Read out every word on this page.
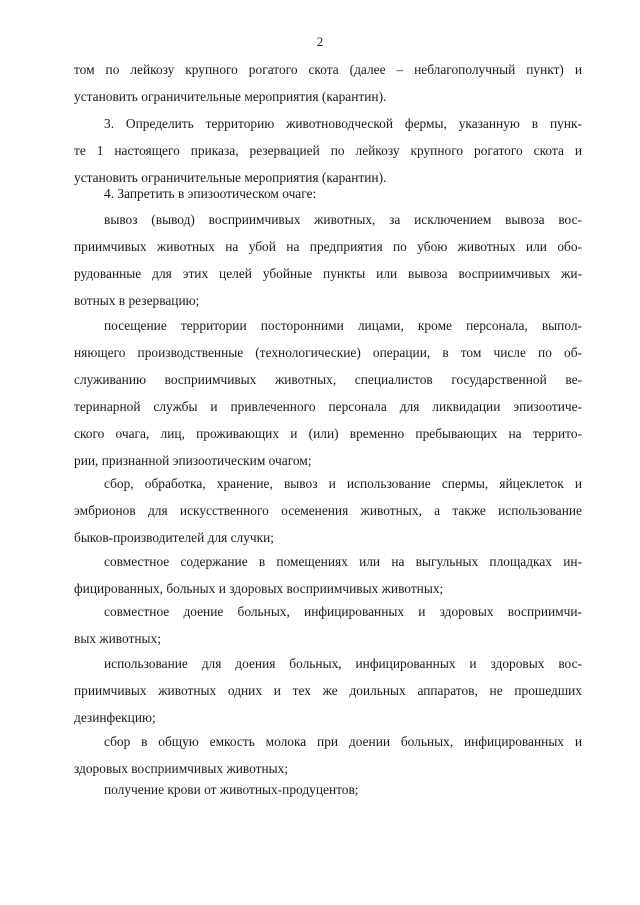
2
том по лейкозу крупного рогатого скота (далее – неблагополучный пункт) и
установить ограничительные мероприятия (карантин).
3. Определить территорию животноводческой фермы, указанную в пунк-
те 1 настоящего приказа, резервацией по лейкозу крупного рогатого скота и
установить ограничительные мероприятия (карантин).
4. Запретить в эпизоотическом очаге:
вывоз (вывод) восприимчивых животных, за исключением вывоза вос-
приимчивых животных на убой на предприятия по убою животных или обо-
рудованные для этих целей убойные пункты или вывоза восприимчивых жи-
вотных в резервацию;
посещение территории посторонними лицами, кроме персонала, выпол-
няющего производственные (технологические) операции, в том числе по об-
служиванию восприимчивых животных, специалистов государственной ве-
теринарной службы и привлеченного персонала для ликвидации эпизоотиче-
ского очага, лиц, проживающих и (или) временно пребывающих на террито-
рии, признанной эпизоотическим очагом;
сбор, обработка, хранение, вывоз и использование спермы, яйцеклеток и
эмбрионов для искусственного осеменения животных, а также использование
быков-производителей для случки;
совместное содержание в помещениях или на выгульных площадках ин-
фицированных, больных и здоровых восприимчивых животных;
совместное доение больных, инфицированных и здоровых восприимчи-
вых животных;
использование для доения больных, инфицированных и здоровых вос-
приимчивых животных одних и тех же доильных аппаратов, не прошедших
дезинфекцию;
сбор в общую емкость молока при доении больных, инфицированных и
здоровых восприимчивых животных;
получение крови от животных-продуцентов;
